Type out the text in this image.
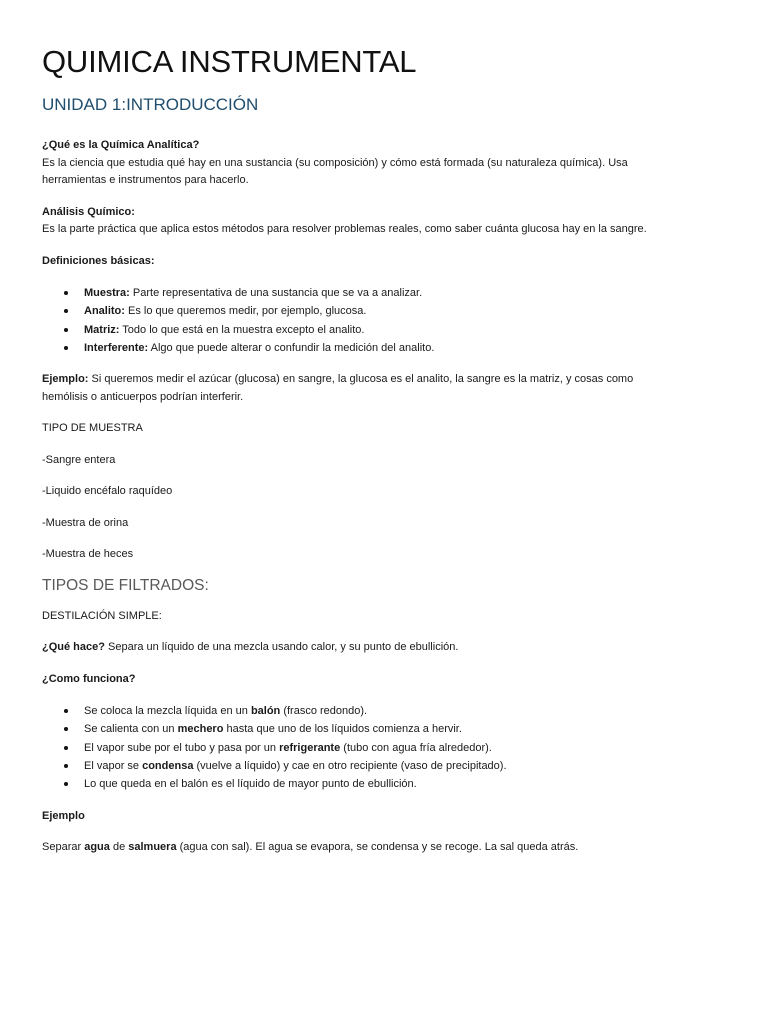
QUIMICA INSTRUMENTAL
UNIDAD 1:INTRODUCCIÓN

¿Qué es la Química Analítica?

Es la ciencia que estudia qué hay en una sustancia (su composición) y cómo está formada (su naturaleza química). Usa herramientas e instrumentos para hacerlo.

Análisis Químico:

Es la parte práctica que aplica estos métodos para resolver problemas reales, como saber cuánta glucosa hay en la sangre.

Definiciones básicas:

Muestra: Parte representativa de una sustancia que se va a analizar.
Analito: Es lo que queremos medir, por ejemplo, glucosa.
Matriz: Todo lo que está en la muestra excepto el analito.
Interferente: Algo que puede alterar o confundir la medición del analito.

Ejemplo: Si queremos medir el azúcar (glucosa) en sangre, la glucosa es el analito, la sangre es la matriz, y cosas como hemólisis o anticuerpos podrían interferir.

TIPO DE MUESTRA

-Sangre entera

-Liquido encéfalo raquídeo

-Muestra de orina

-Muestra de heces

TIPOS DE FILTRADOS:

DESTILACIÓN SIMPLE:

¿Qué hace? Separa un líquido de una mezcla usando calor, y su punto de ebullición.

¿Como funciona?

Se coloca la mezcla líquida en un balón (frasco redondo).
Se calienta con un mechero hasta que uno de los líquidos comienza a hervir.
El vapor sube por el tubo y pasa por un refrigerante (tubo con agua fría alrededor).
El vapor se condensa (vuelve a líquido) y cae en otro recipiente (vaso de precipitado).
Lo que queda en el balón es el líquido de mayor punto de ebullición.

Ejemplo

Separar agua de salmuera (agua con sal). El agua se evapora, se condensa y se recoge. La sal queda atrás.
